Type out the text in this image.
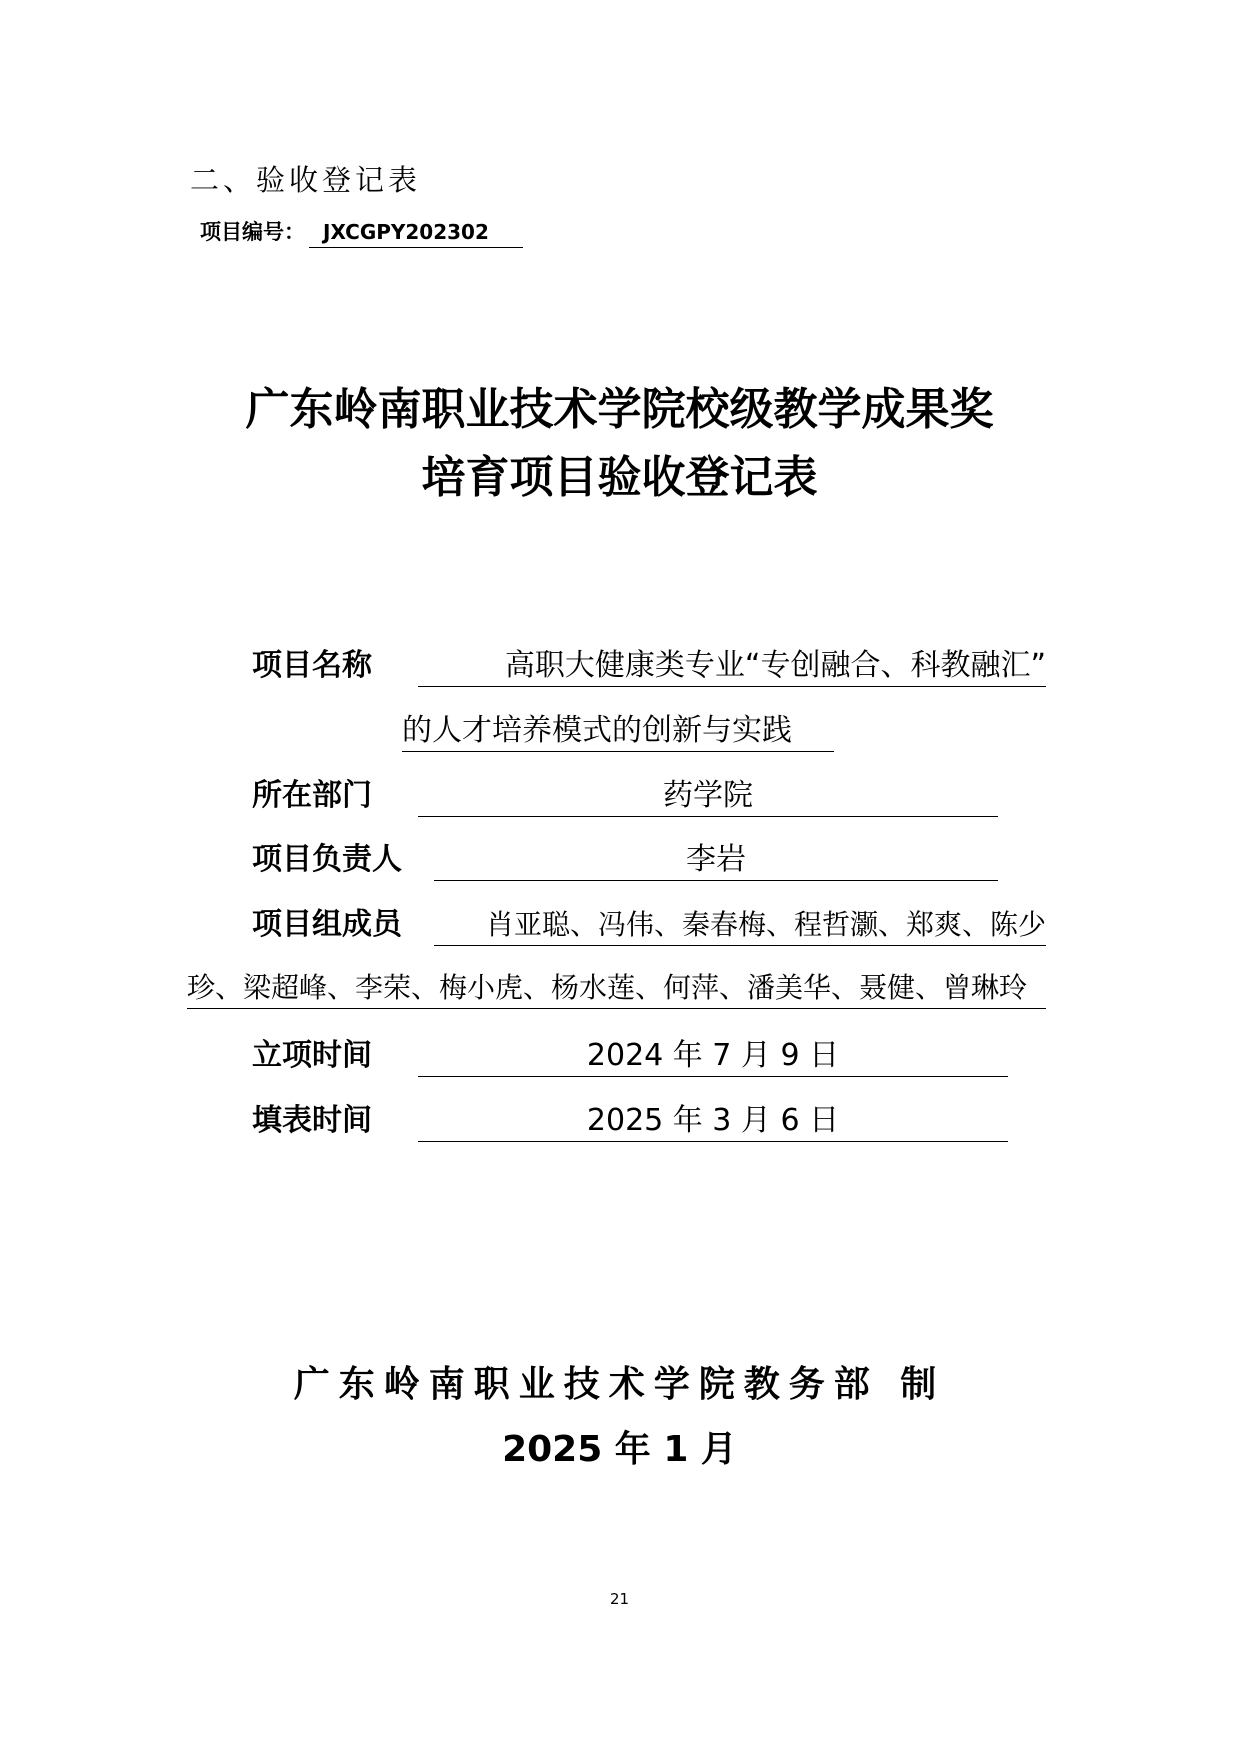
二、验收登记表
项目编号： JXCGPY202302
广东岭南职业技术学院校级教学成果奖
培育项目验收登记表
项目名称	高职大健康类专业“专创融合、科教融汇”
的人才培养模式的创新与实践
所在部门	药学院
项目负责人	李岩
项目组成员	肖亚聪、冯伟、秦春梅、程哲灏、郑爽、陈少
珍、梁超峰、李荣、梅小虎、杨水莲、何萍、潘美华、聂健、曾琳玲
立项时间	2024 年 7 月 9 日
填表时间	2025 年 3 月 6 日
广东岭南职业技术学院教务部 制
2025 年 1 月
21
